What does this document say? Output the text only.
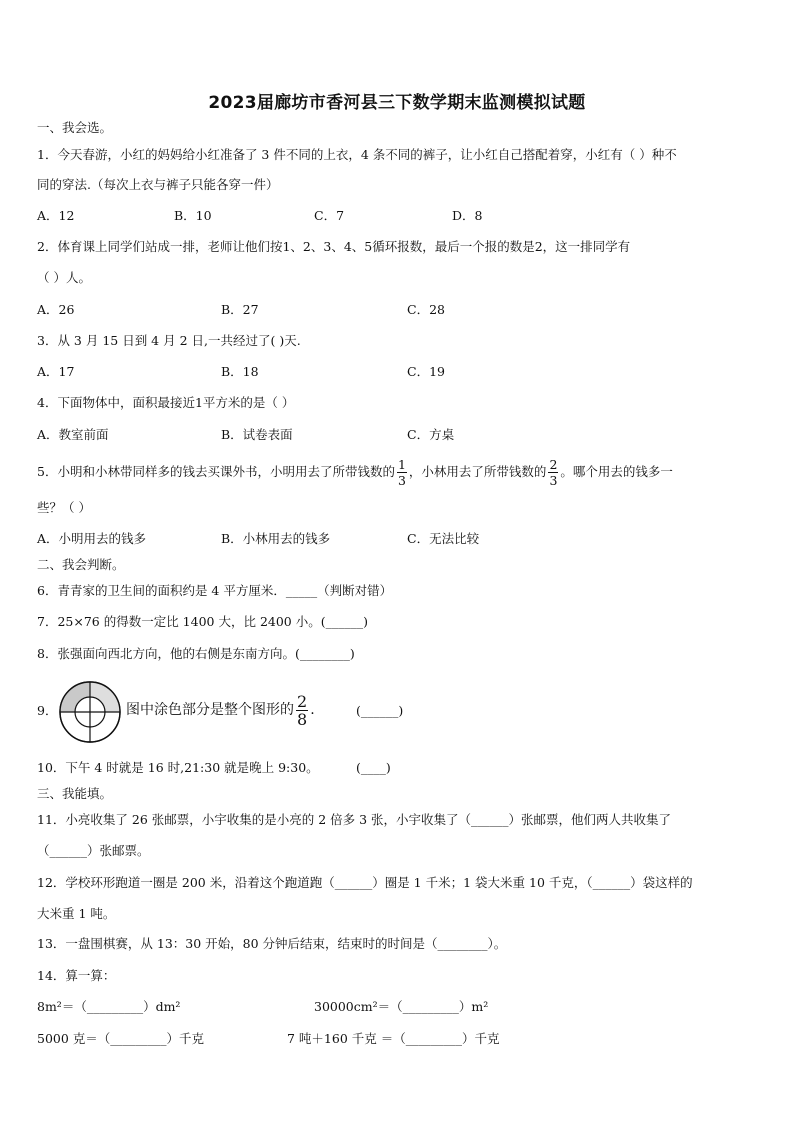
2023届廊坊市香河县三下数学期末监测模拟试题
一、我会选。
1．今天春游，小红的妈妈给小红准备了 3 件不同的上衣，4 条不同的裤子，让小红自己搭配着穿，小红有（ ）种不
同的穿法.（每次上衣与裤子只能各穿一件）
A．12	B．10	C．7	D．8
2．体育课上同学们站成一排，老师让他们按1、2、3、4、5循环报数，最后一个报的数是2，这一排同学有
（ ）人。
A．26	B．27	C．28
3．从 3 月 15 日到 4 月 2 日,一共经过了( )天.
A．17	B．18	C．19
4．下面物体中，面积最接近1平方米的是（ ）
A．教室前面	B．试卷表面	C．方桌
5．小明和小林带同样多的钱去买课外书，小明用去了所带钱数的 $\frac{1}{3}$ ，小林用去了所带钱数的 $\frac{2}{3}$ 。哪个用去的钱多一
些？（ ）
A．小明用去的钱多	B．小林用去的钱多	C．无法比较
二、我会判断。
6．青青家的卫生间的面积约是 4 平方厘米．_____（判断对错）
7．25×76 的得数一定比 1400 大，比 2400 小。(______)
8．张强面向西北方向，他的右侧是东南方向。(________)
9．	图中涂色部分是整个图形的 $\frac{2}{8}$ .	(______)
10．下午 4 时就是 16 时,21:30 就是晚上 9:30。	(____)
三、我能填。
11．小亮收集了 26 张邮票，小宇收集的是小亮的 2 倍多 3 张，小宇收集了（______）张邮票，他们两人共收集了
（______）张邮票。
12．学校环形跑道一圈是 200 米，沿着这个跑道跑（______）圈是 1 千米；1 袋大米重 10 千克，（______）袋这样的
大米重 1 吨。
13．一盘围棋赛，从 13：30 开始，80 分钟后结束，结束时的时间是（________）。
14．算一算：
8m²＝（_________）dm²	30000cm²＝（_________）m²
5000 克＝（_________）千克	7 吨＋160 千克 ＝（_________）千克
